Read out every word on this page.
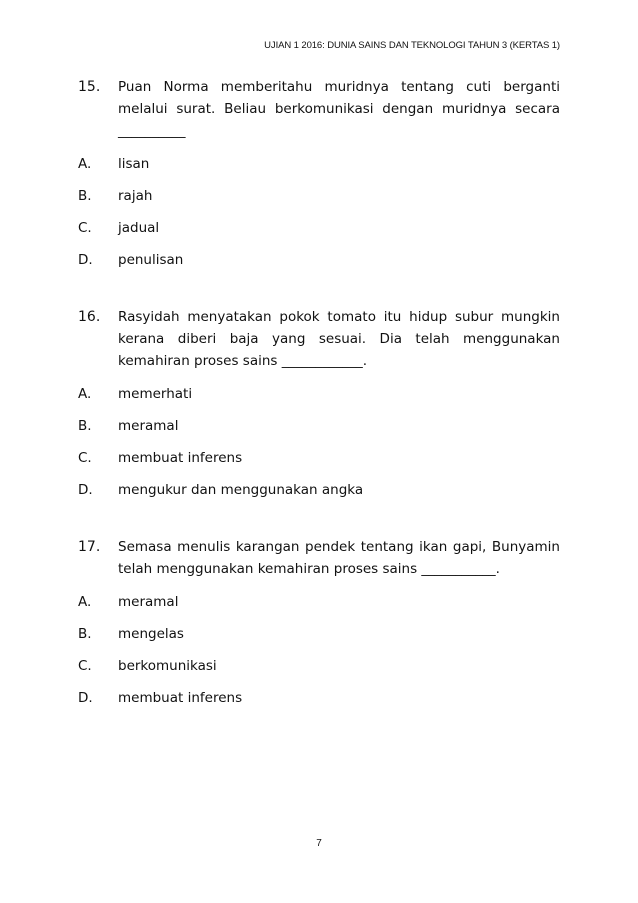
UJIAN 1 2016: DUNIA SAINS DAN TEKNOLOGI TAHUN 3 (KERTAS 1)
15.	Puan Norma memberitahu muridnya tentang cuti berganti melalui surat. Beliau berkomunikasi dengan muridnya secara __________
A.	lisan
B.	rajah
C.	jadual
D.	penulisan
16.	Rasyidah menyatakan pokok tomato itu hidup subur mungkin kerana diberi baja yang sesuai. Dia telah menggunakan kemahiran proses sains ____________.
A.	memerhati
B.	meramal
C.	membuat inferens
D.	mengukur dan menggunakan angka
17.	Semasa menulis karangan pendek tentang ikan gapi, Bunyamin telah menggunakan kemahiran proses sains ___________.
A.	meramal
B.	mengelas
C.	berkomunikasi
D.	membuat inferens
7
